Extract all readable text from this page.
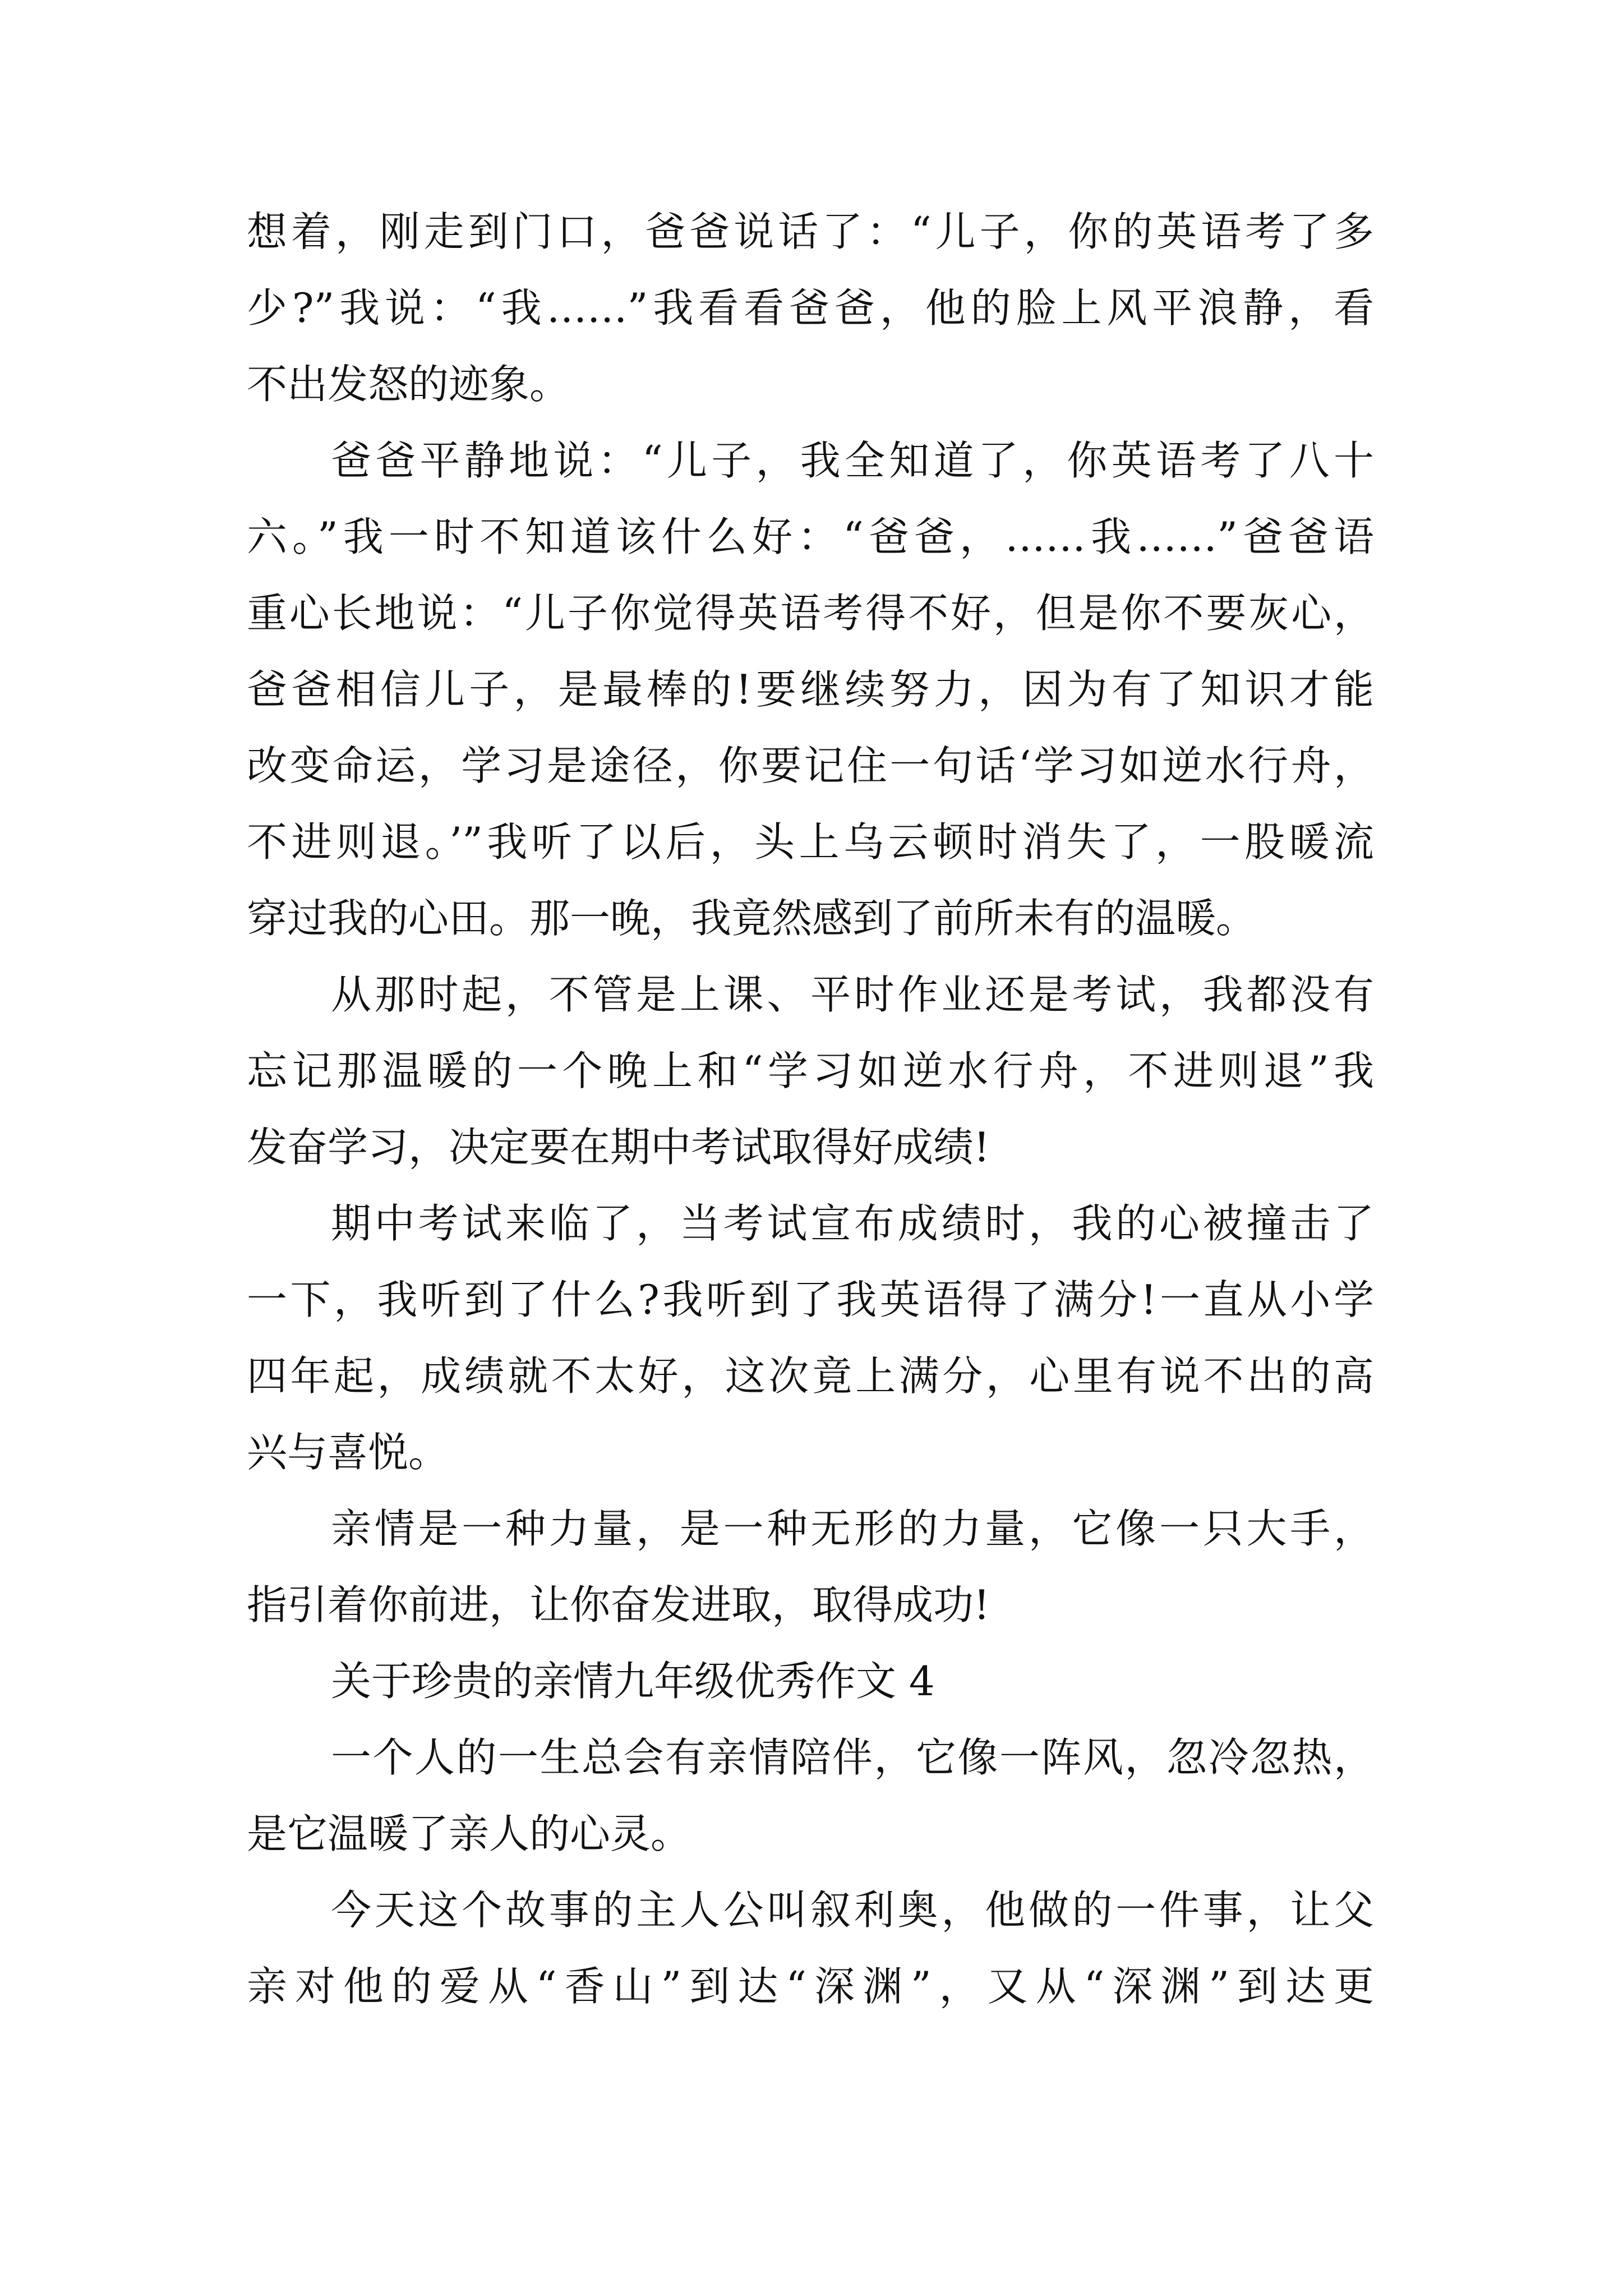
想着，刚走到门口，爸爸说话了：“儿子，你的英语考了多
少?”我说：“我……”我看看爸爸，他的脸上风平浪静，看
不出发怒的迹象。
爸爸平静地说：“儿子，我全知道了，你英语考了八十
六。”我一时不知道该什么好：“爸爸，……我……”爸爸语
重心长地说：“儿子你觉得英语考得不好，但是你不要灰心，
爸爸相信儿子，是最棒的!要继续努力，因为有了知识才能
改变命运，学习是途径，你要记住一句话‘学习如逆水行舟，
不进则退。’”我听了以后，头上乌云顿时消失了，一股暖流
穿过我的心田。那一晚，我竟然感到了前所未有的温暖。
从那时起，不管是上课、平时作业还是考试，我都没有
忘记那温暖的一个晚上和“学习如逆水行舟，不进则退”我
发奋学习，决定要在期中考试取得好成绩!
期中考试来临了，当考试宣布成绩时，我的心被撞击了
一下，我听到了什么?我听到了我英语得了满分!一直从小学
四年起，成绩就不太好，这次竟上满分，心里有说不出的高
兴与喜悦。
亲情是一种力量，是一种无形的力量，它像一只大手，
指引着你前进，让你奋发进取，取得成功!
关于珍贵的亲情九年级优秀作文 4
一个人的一生总会有亲情陪伴，它像一阵风，忽冷忽热，
是它温暖了亲人的心灵。
今天这个故事的主人公叫叙利奥，他做的一件事，让父
亲对他的爱从“香山”到达“深渊”，又从“深渊”到达更
